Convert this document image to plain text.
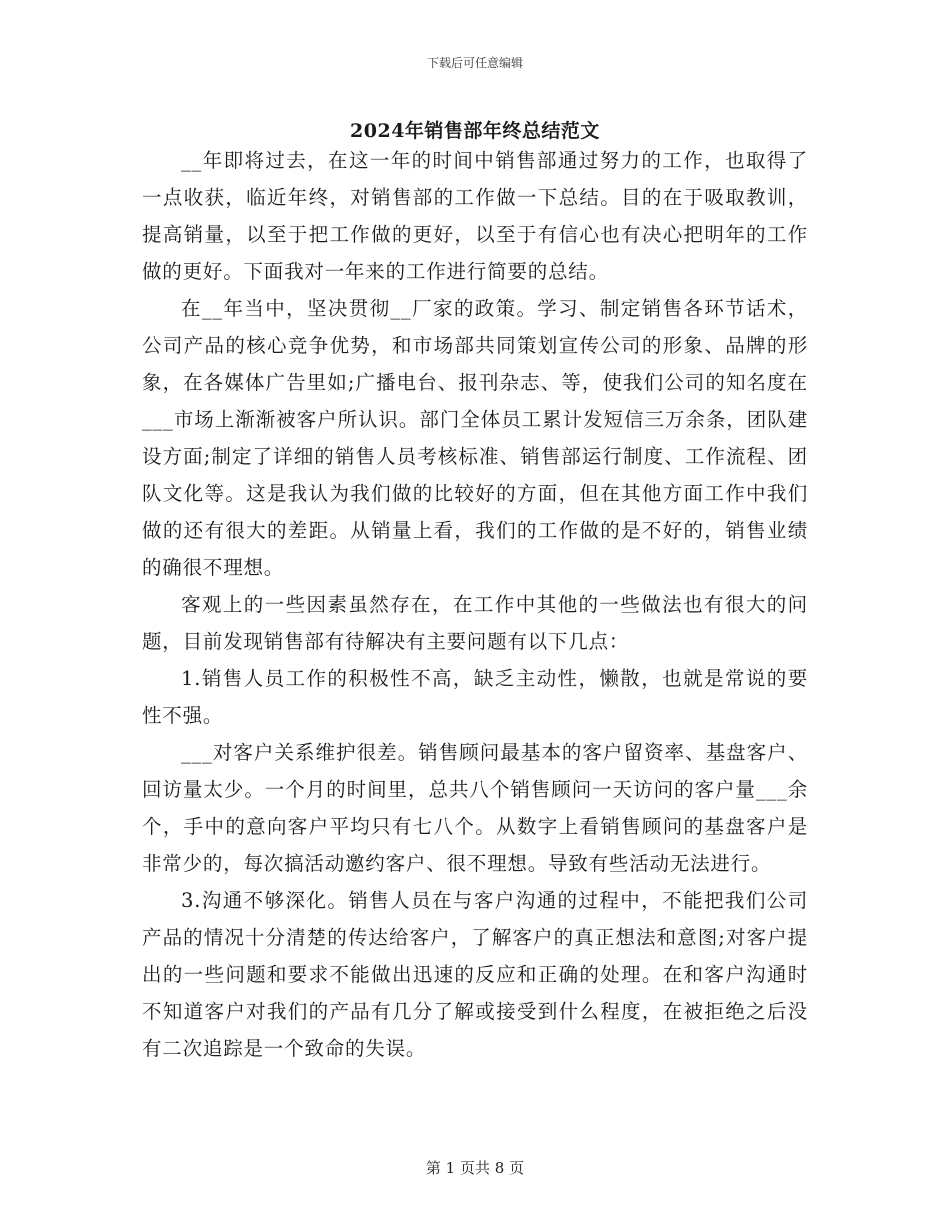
下载后可任意编辑
2024年销售部年终总结范文

__年即将过去，在这一年的时间中销售部通过努力的工作，也取得了一点收获，临近年终，对销售部的工作做一下总结。目的在于吸取教训，提高销量，以至于把工作做的更好，以至于有信心也有决心把明年的工作做的更好。下面我对一年来的工作进行简要的总结。

在__年当中，坚决贯彻__厂家的政策。学习、制定销售各环节话术，公司产品的核心竞争优势，和市场部共同策划宣传公司的形象、品牌的形象，在各媒体广告里如;广播电台、报刊杂志、等，使我们公司的知名度在___市场上渐渐被客户所认识。部门全体员工累计发短信三万余条，团队建设方面;制定了详细的销售人员考核标准、销售部运行制度、工作流程、团队文化等。这是我认为我们做的比较好的方面，但在其他方面工作中我们做的还有很大的差距。从销量上看，我们的工作做的是不好的，销售业绩的确很不理想。

客观上的一些因素虽然存在，在工作中其他的一些做法也有很大的问题，目前发现销售部有待解决有主要问题有以下几点：

1.销售人员工作的积极性不高，缺乏主动性，懒散，也就是常说的要性不强。

___对客户关系维护很差。销售顾问最基本的客户留资率、基盘客户、回访量太少。一个月的时间里，总共八个销售顾问一天访问的客户量___余个，手中的意向客户平均只有七八个。从数字上看销售顾问的基盘客户是非常少的，每次搞活动邀约客户、很不理想。导致有些活动无法进行。

3.沟通不够深化。销售人员在与客户沟通的过程中，不能把我们公司产品的情况十分清楚的传达给客户，了解客户的真正想法和意图;对客户提出的一些问题和要求不能做出迅速的反应和正确的处理。在和客户沟通时不知道客户对我们的产品有几分了解或接受到什么程度，在被拒绝之后没有二次追踪是一个致命的失误。

第 1 页共 8 页
